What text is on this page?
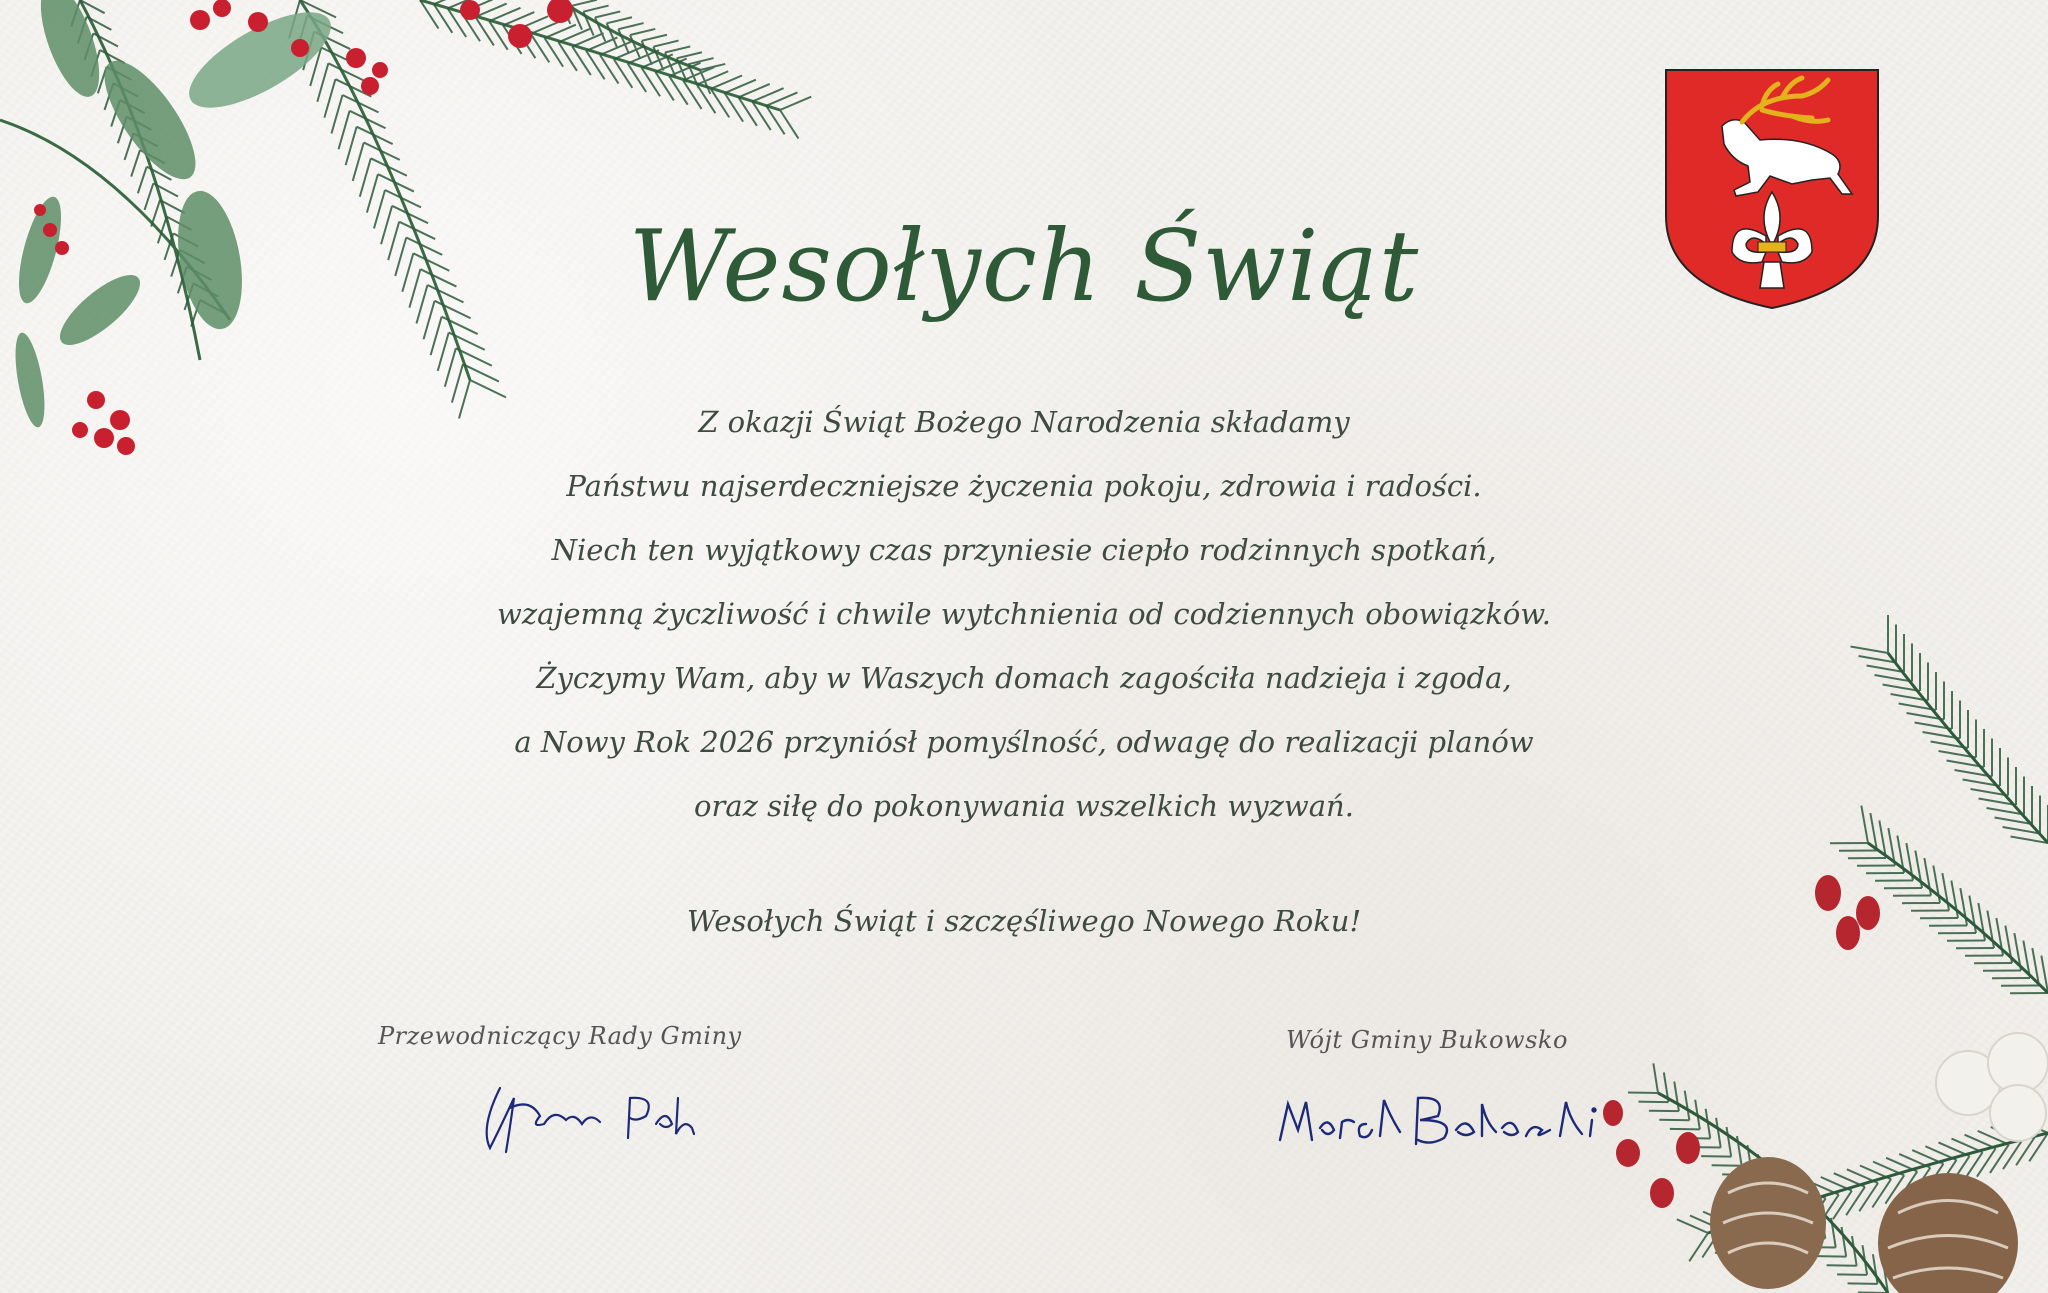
Wesołych Świąt
Z okazji Świąt Bożego Narodzenia składamy
Państwu najserdeczniejsze życzenia pokoju, zdrowia i radości.
Niech ten wyjątkowy czas przyniesie ciepło rodzinnych spotkań,
wzajemną życzliwość i chwile wytchnienia od codziennych obowiązków.
Życzymy Wam, aby w Waszych domach zagościła nadzieja i zgoda,
a Nowy Rok 2026 przyniósł pomyślność, odwagę do realizacji planów
oraz siłę do pokonywania wszelkich wyzwań.
Wesołych Świąt i szczęśliwego Nowego Roku!
Przewodniczący Rady Gminy	Wójt Gminy Bukowsko
